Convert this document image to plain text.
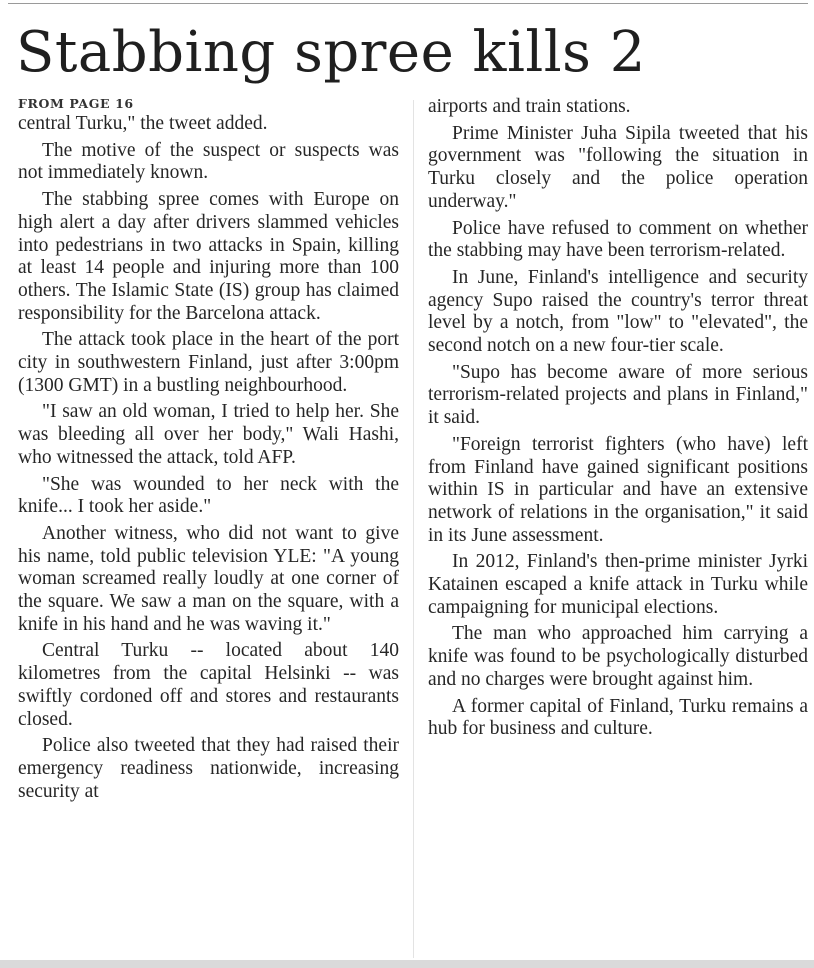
Stabbing spree kills 2
FROM PAGE 16

central Turku," the tweet added.

The motive of the suspect or suspects was not immediately known.

The stabbing spree comes with Europe on high alert a day after drivers slammed vehicles into pedestrians in two attacks in Spain, killing at least 14 people and injuring more than 100 others. The Islamic State (IS) group has claimed responsibility for the Barcelona attack.

The attack took place in the heart of the port city in southwestern Finland, just after 3:00pm (1300 GMT) in a bustling neighbourhood.

"I saw an old woman, I tried to help her. She was bleeding all over her body," Wali Hashi, who witnessed the attack, told AFP.

"She was wounded to her neck with the knife... I took her aside."

Another witness, who did not want to give his name, told public television YLE: "A young woman screamed really loudly at one corner of the square. We saw a man on the square, with a knife in his hand and he was waving it."

Central Turku -- located about 140 kilometres from the capital Helsinki -- was swiftly cordoned off and stores and restaurants closed.

Police also tweeted that they had raised their emergency readiness nationwide, increasing security at

airports and train stations.

Prime Minister Juha Sipila tweeted that his government was "following the situation in Turku closely and the police operation underway."

Police have refused to comment on whether the stabbing may have been terrorism-related.

In June, Finland's intelligence and security agency Supo raised the country's terror threat level by a notch, from "low" to "elevated", the second notch on a new four-tier scale.

"Supo has become aware of more serious terrorism-related projects and plans in Finland," it said.

"Foreign terrorist fighters (who have) left from Finland have gained significant positions within IS in particular and have an extensive network of relations in the organisation," it said in its June assessment.

In 2012, Finland's then-prime minister Jyrki Katainen escaped a knife attack in Turku while campaigning for municipal elections.

The man who approached him carrying a knife was found to be psychologically disturbed and no charges were brought against him.

A former capital of Finland, Turku remains a hub for business and culture.
